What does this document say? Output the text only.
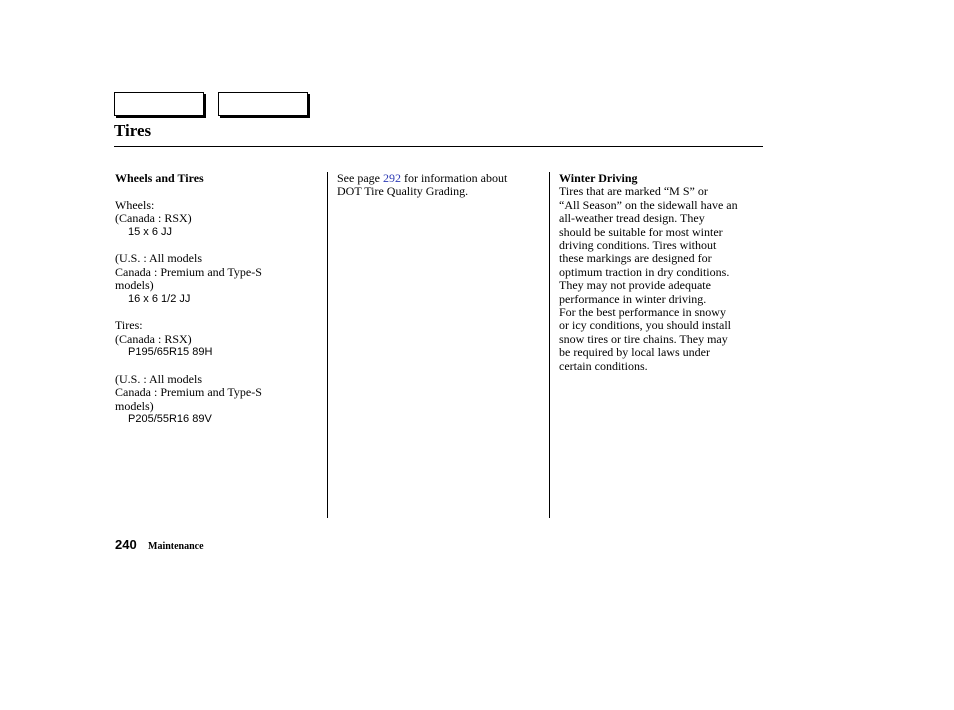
Tires
Wheels and Tires
Wheels:
(Canada : RSX)
15 x 6 JJ
(U.S. : All models
Canada : Premium and Type-S
models)
16 x 6 1/2 JJ
Tires:
(Canada : RSX)
P195/65R15 89H
(U.S. : All models
Canada : Premium and Type-S
models)
P205/55R16 89V
See page 292 for information about
DOT Tire Quality Grading.
Winter Driving
Tires that are marked “M S” or
“All Season” on the sidewall have an
all-weather tread design. They
should be suitable for most winter
driving conditions. Tires without
these markings are designed for
optimum traction in dry conditions.
They may not provide adequate
performance in winter driving.
For the best performance in snowy
or icy conditions, you should install
snow tires or tire chains. They may
be required by local laws under
certain conditions.
240 Maintenance
